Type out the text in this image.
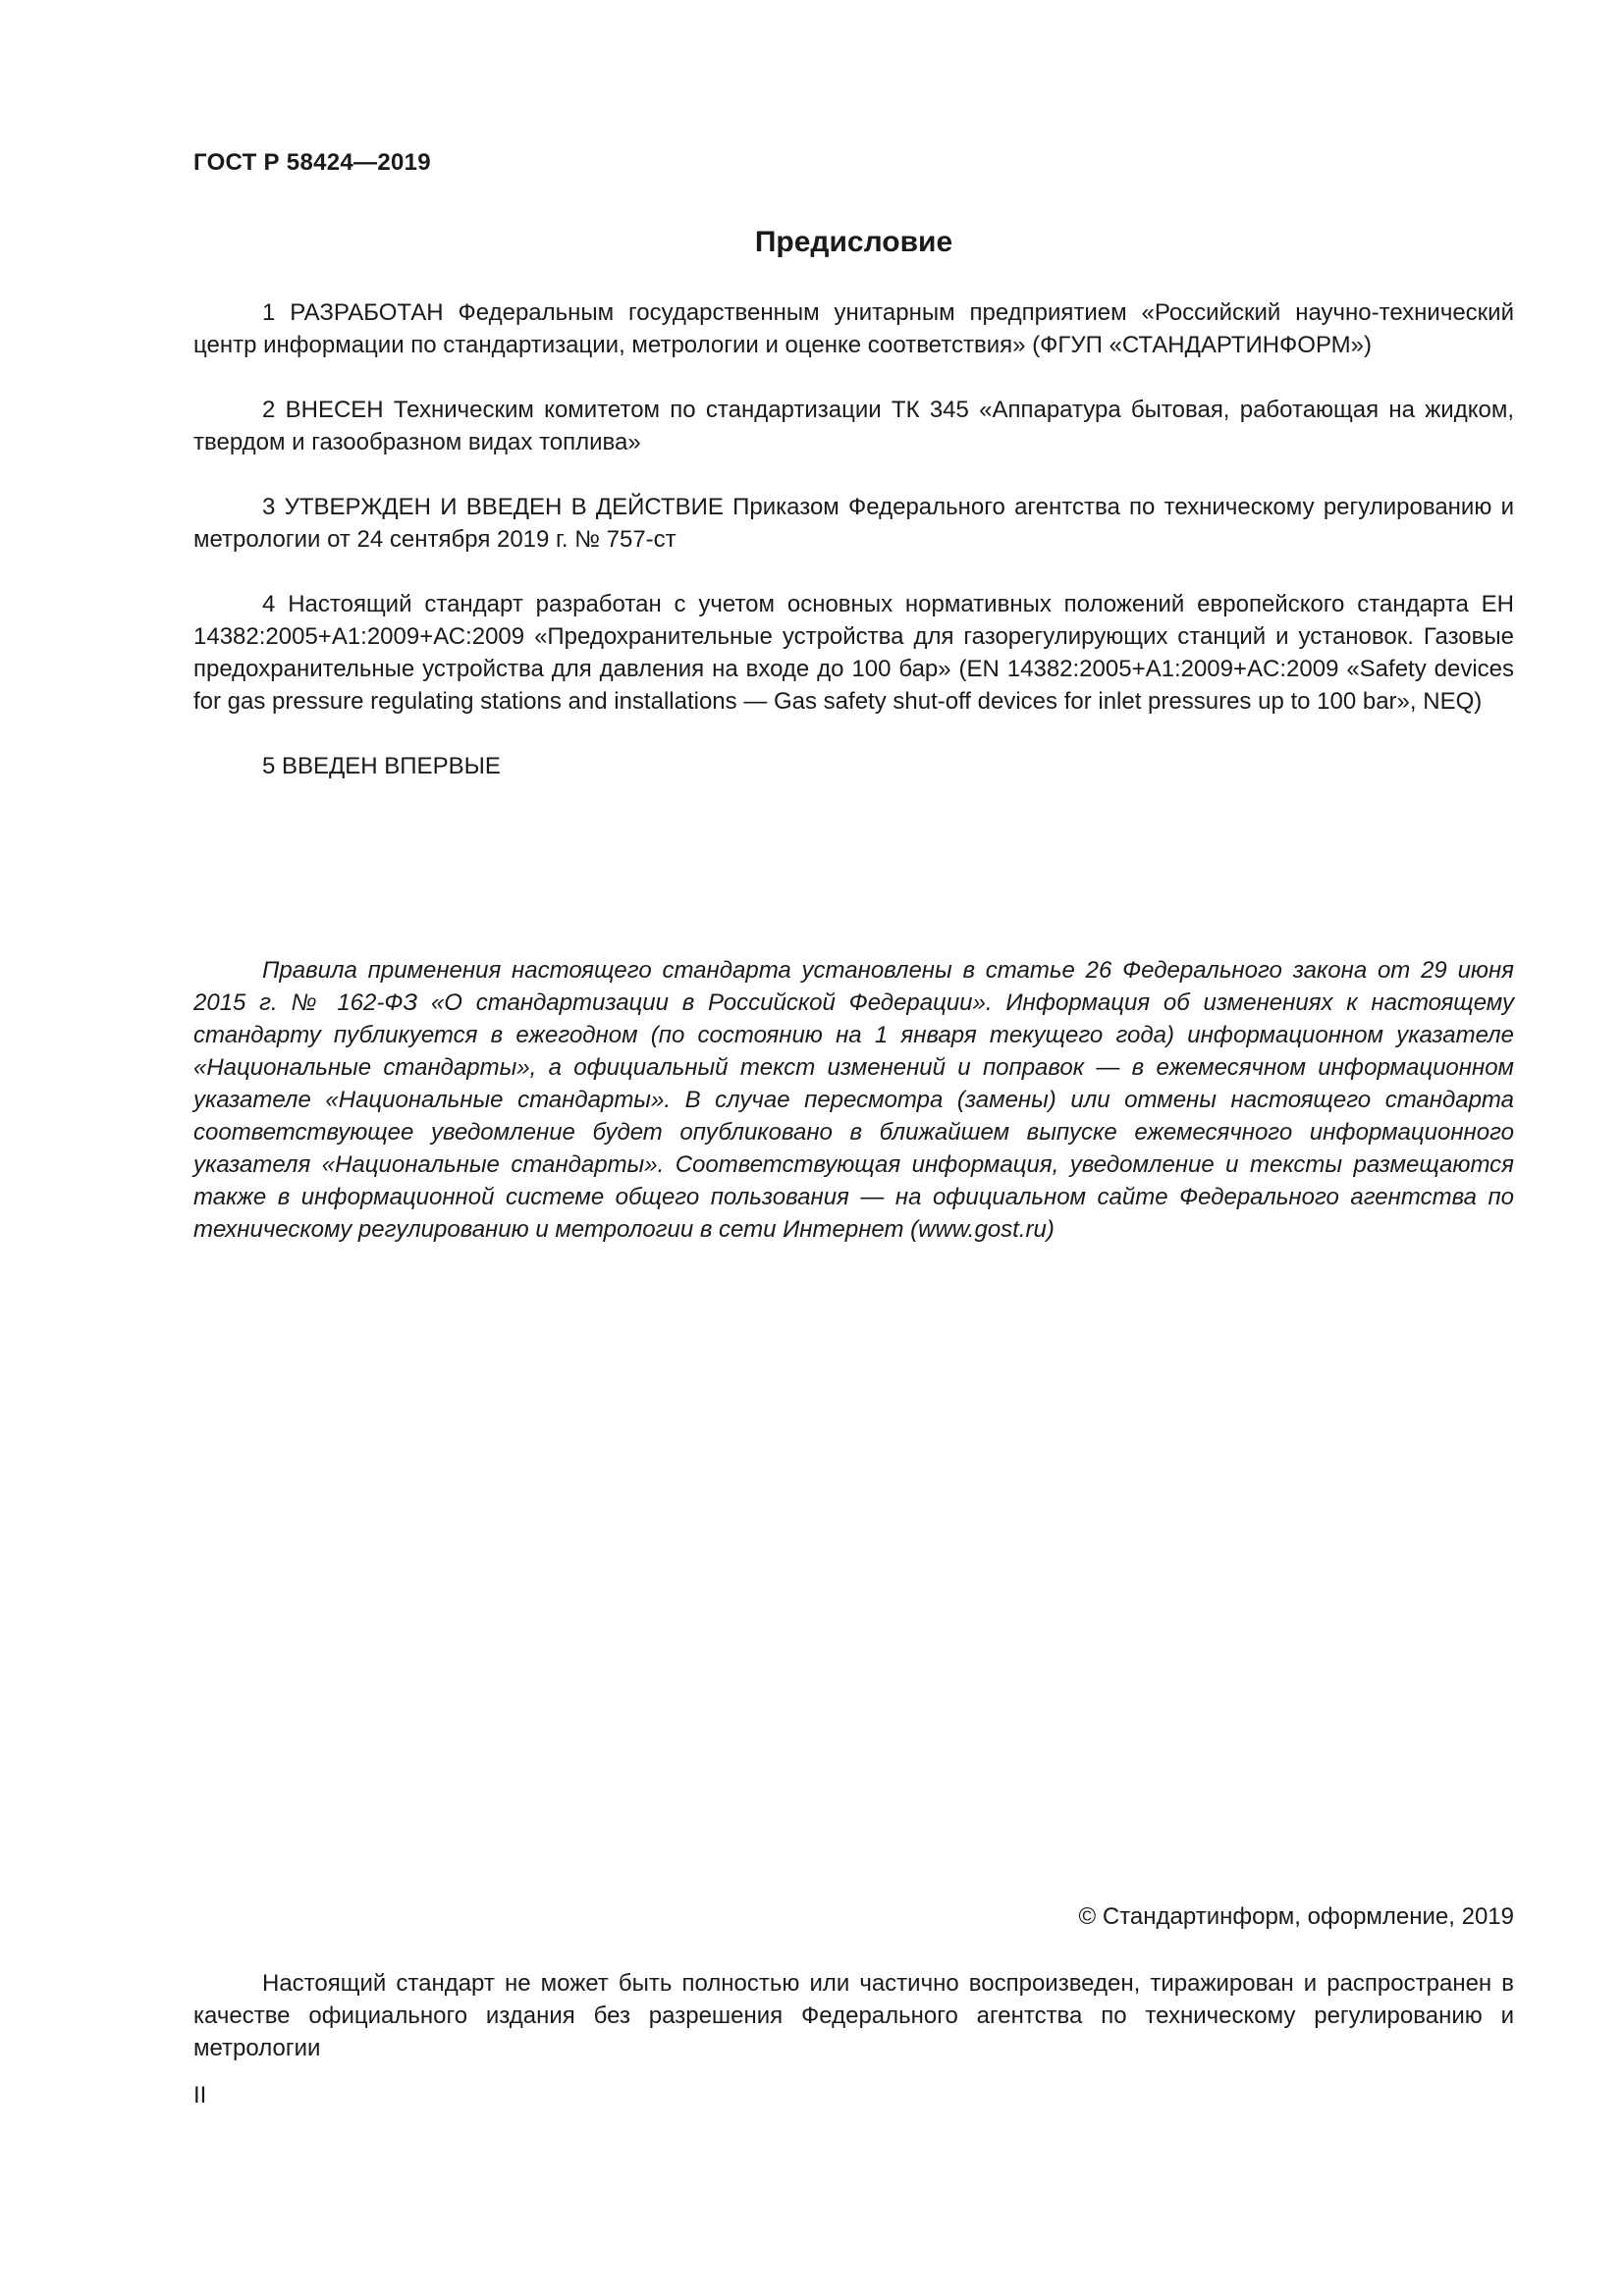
ГОСТ Р 58424—2019
Предисловие

1 РАЗРАБОТАН Федеральным государственным унитарным предприятием «Российский научно-технический центр информации по стандартизации, метрологии и оценке соответствия» (ФГУП «СТАНДАРТИНФОРМ»)

2 ВНЕСЕН Техническим комитетом по стандартизации ТК 345 «Аппаратура бытовая, работающая на жидком, твердом и газообразном видах топлива»

3 УТВЕРЖДЕН И ВВЕДЕН В ДЕЙСТВИЕ Приказом Федерального агентства по техническому регулированию и метрологии от 24 сентября 2019 г. № 757-ст

4 Настоящий стандарт разработан с учетом основных нормативных положений европейского стандарта ЕН 14382:2005+А1:2009+АС:2009 «Предохранительные устройства для газорегулирующих станций и установок. Газовые предохранительные устройства для давления на входе до 100 бар» (EN 14382:2005+A1:2009+AC:2009 «Safety devices for gas pressure regulating stations and installations — Gas safety shut-off devices for inlet pressures up to 100 bar», NEQ)

5 ВВЕДЕН ВПЕРВЫЕ

Правила применения настоящего стандарта установлены в статье 26 Федерального закона от 29 июня 2015 г. № 162-ФЗ «О стандартизации в Российской Федерации». Информация об изменениях к настоящему стандарту публикуется в ежегодном (по состоянию на 1 января текущего года) информационном указателе «Национальные стандарты», а официальный текст изменений и поправок — в ежемесячном информационном указателе «Национальные стандарты». В случае пересмотра (замены) или отмены настоящего стандарта соответствующее уведомление будет опубликовано в ближайшем выпуске ежемесячного информационного указателя «Национальные стандарты». Соответствующая информация, уведомление и тексты размещаются также в информационной системе общего пользования — на официальном сайте Федерального агентства по техническому регулированию и метрологии в сети Интернет (www.gost.ru)

© Стандартинформ, оформление, 2019

Настоящий стандарт не может быть полностью или частично воспроизведен, тиражирован и распространен в качестве официального издания без разрешения Федерального агентства по техническому регулированию и метрологии

II
